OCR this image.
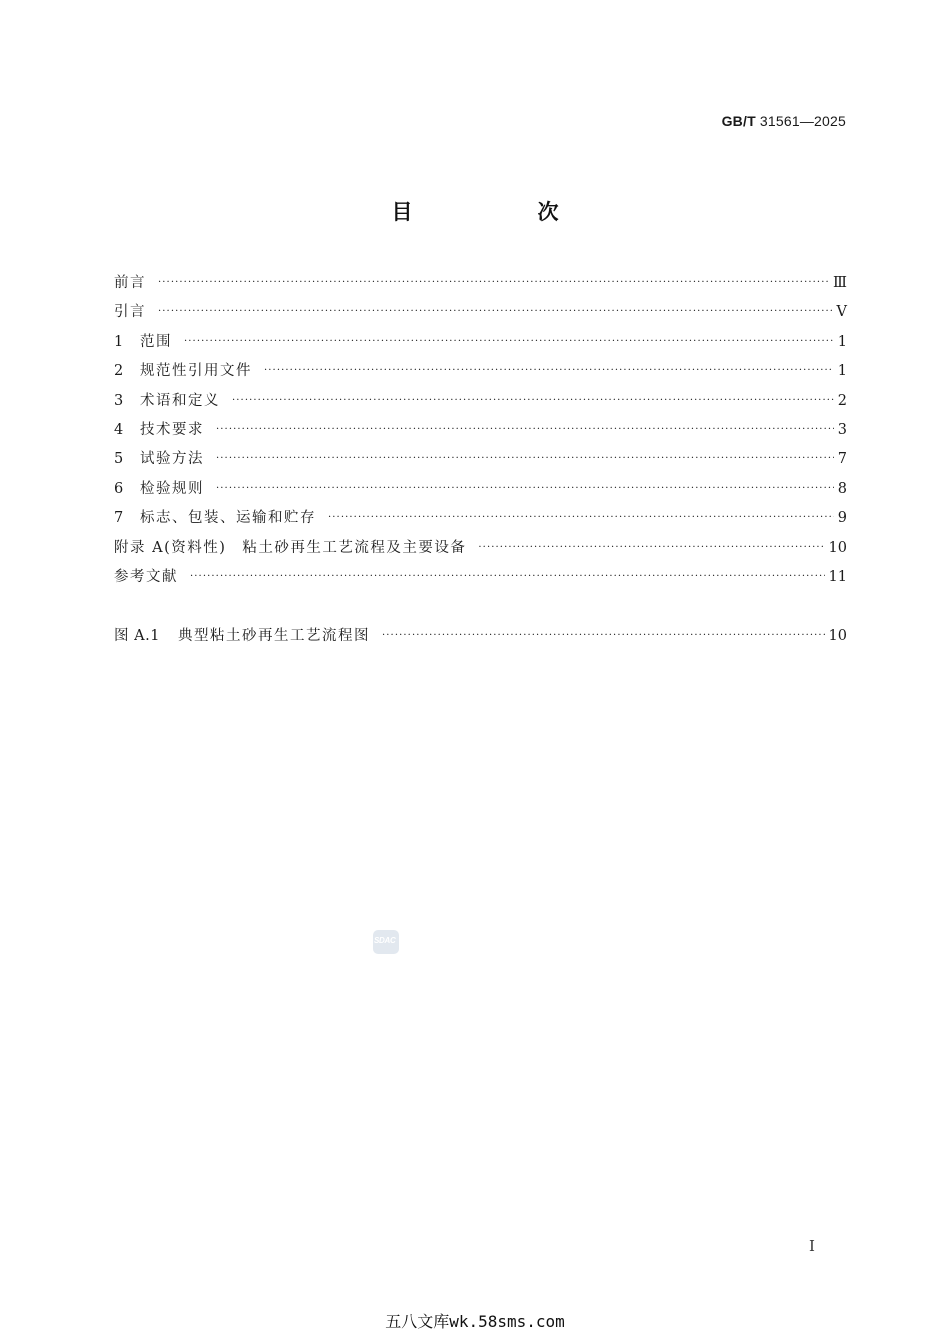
GB/T 31561—2025
目　次
前言 ·····	Ⅲ
引言 ·····	Ⅴ
1	范围 ·····	1
2	规范性引用文件 ·····	1
3	术语和定义 ·····	2
4	技术要求 ·····	3
5	试验方法 ·····	7
6	检验规则 ·····	8
7	标志、包装、运输和贮存 ·····	9
附录 A(资料性)　粘土砂再生工艺流程及主要设备 ·····	10
参考文献 ·····	11
图 A.1	典型粘土砂再生工艺流程图 ·····	10
SDAC
Ⅰ
五八文库wk.58sms.com
